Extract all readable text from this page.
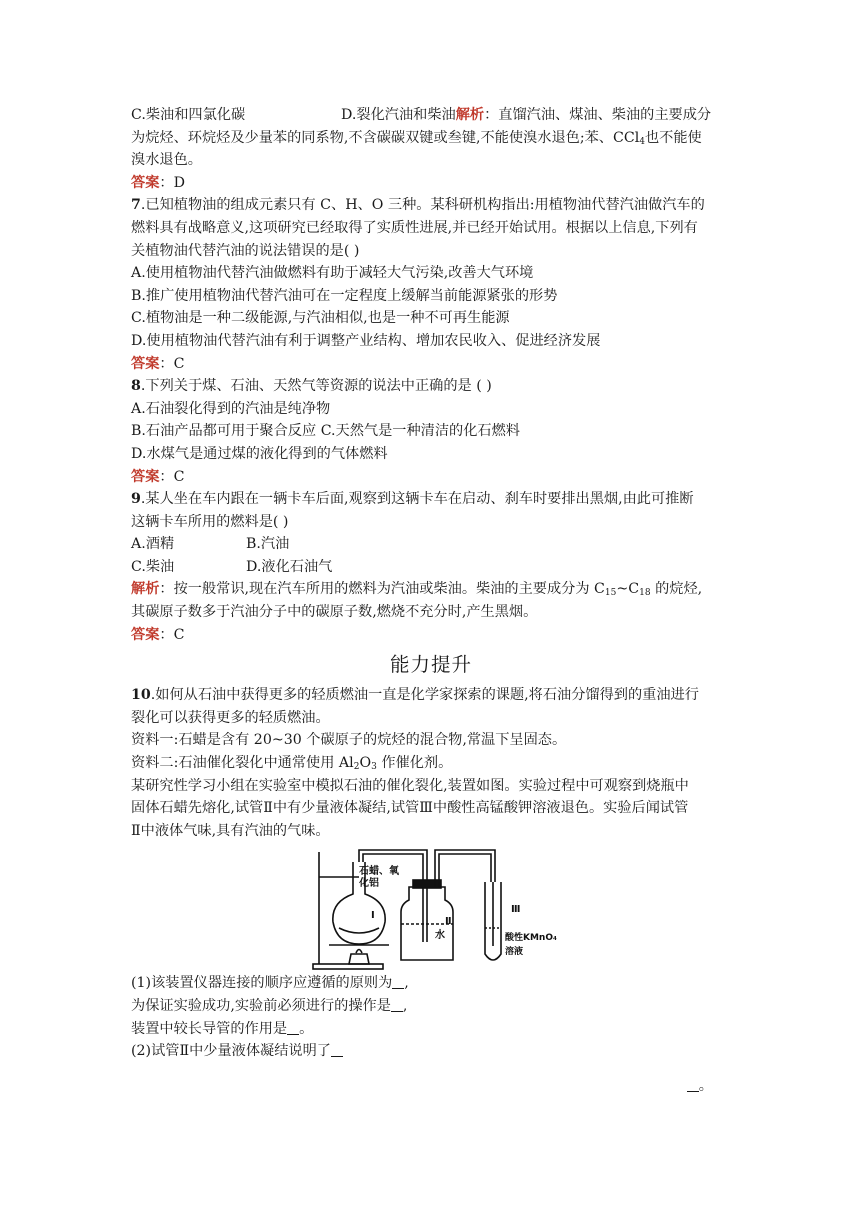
C.柴油和四氯化碳	D.裂化汽油和柴油解析：直馏汽油、煤油、柴油的主要成分
为烷烃、环烷烃及少量苯的同系物,不含碳碳双键或叁键,不能使溴水退色;苯、CCl$_4$也不能使
溴水退色。
答案：D
7.已知植物油的组成元素只有 C、H、O 三种。某科研机构指出:用植物油代替汽油做汽车的
燃料具有战略意义,这项研究已经取得了实质性进展,并已经开始试用。根据以上信息,下列有
关植物油代替汽油的说法错误的是( )
A.使用植物油代替汽油做燃料有助于减轻大气污染,改善大气环境
B.推广使用植物油代替汽油可在一定程度上缓解当前能源紧张的形势
C.植物油是一种二级能源,与汽油相似,也是一种不可再生能源
D.使用植物油代替汽油有利于调整产业结构、增加农民收入、促进经济发展
答案：C
8.下列关于煤、石油、天然气等资源的说法中正确的是 ( )
A.石油裂化得到的汽油是纯净物
B.石油产品都可用于聚合反应 C.天然气是一种清洁的化石燃料
D.水煤气是通过煤的液化得到的气体燃料
答案：C
9.某人坐在车内跟在一辆卡车后面,观察到这辆卡车在启动、刹车时要排出黑烟,由此可推断
这辆卡车所用的燃料是( )
A.酒精	B.汽油
C.柴油	D.液化石油气
解析：按一般常识,现在汽车所用的燃料为汽油或柴油。柴油的主要成分为 $C_{15}\sim C_{18}$ 的烷烃,
其碳原子数多于汽油分子中的碳原子数,燃烧不充分时,产生黑烟。
答案：C
能力提升
10.如何从石油中获得更多的轻质燃油一直是化学家探索的课题,将石油分馏得到的重油进行
裂化可以获得更多的轻质燃油。
资料一:石蜡是含有 20~30 个碳原子的烷烃的混合物,常温下呈固态。
资料二:石油催化裂化中通常使用 $Al_2O_3$ 作催化剂。
某研究性学习小组在实验室中模拟石油的催化裂化,装置如图。实验过程中可观察到烧瓶中
固体石蜡先熔化,试管Ⅱ中有少量液体凝结,试管Ⅲ中酸性高锰酸钾溶液退色。实验后闻试管
Ⅱ中液体气味,具有汽油的气味。
石蜡、氧
化铝
Ⅰ
Ⅱ
水
Ⅲ
酸性KMnO₄
溶液
(1)该装置仪器连接的顺序应遵循的原则为 ,
为保证实验成功,实验前必须进行的操作是 ,
装置中较长导管的作用是 。
(2)试管Ⅱ中少量液体凝结说明了
。
